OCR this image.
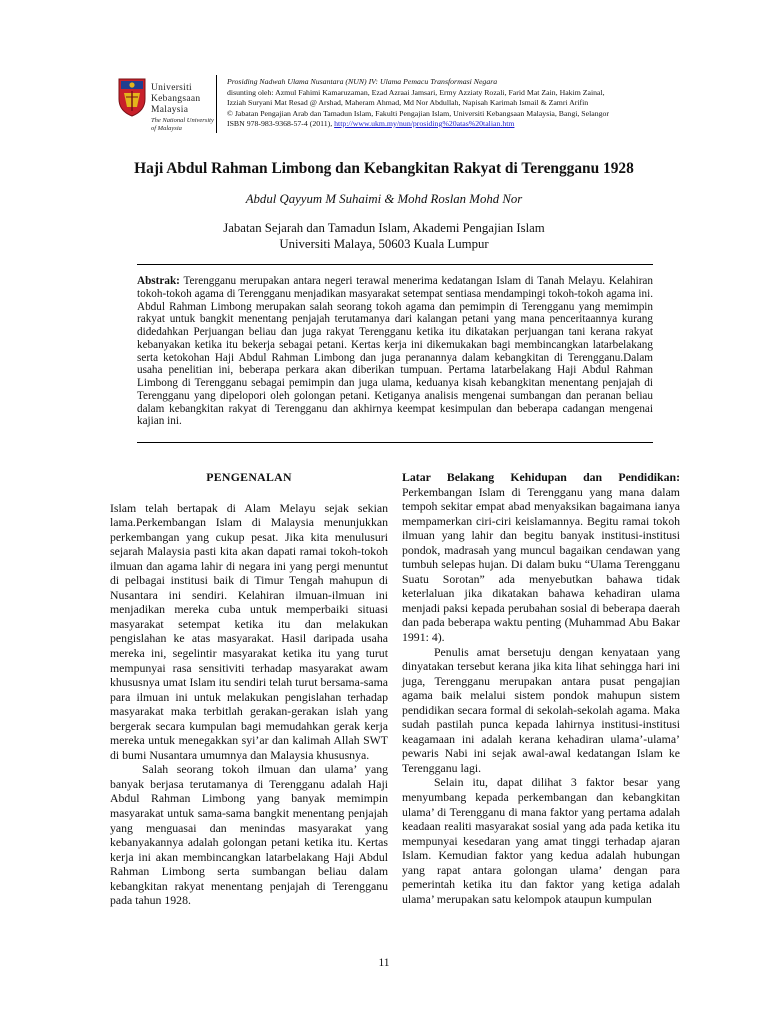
Universiti
Kebangsaan
Malaysia
The National University
of Malaysia
Prosiding Nadwah Ulama Nusantara (NUN) IV: Ulama Pemacu Transformasi Negara
disunting oleh: Azmul Fahimi Kamaruzaman, Ezad Azraai Jamsari, Ermy Azziaty Rozali, Farid Mat Zain, Hakim Zainal,
Izziah Suryani Mat Resad @ Arshad, Maheram Ahmad, Md Nor Abdullah, Napisah Karimah Ismail & Zamri Arifin
© Jabatan Pengajian Arab dan Tamadun Islam, Fakulti Pengajian Islam, Universiti Kebangsaan Malaysia, Bangi, Selangor
ISBN 978-983-9368-57-4 (2011), http://www.ukm.my/nun/prosiding%20atas%20talian.htm
Haji Abdul Rahman Limbong dan Kebangkitan Rakyat di Terengganu 1928
Abdul Qayyum M Suhaimi & Mohd Roslan Mohd Nor
Jabatan Sejarah dan Tamadun Islam, Akademi Pengajian Islam
Universiti Malaya, 50603 Kuala Lumpur
Abstrak: Terengganu merupakan antara negeri terawal menerima kedatangan Islam di Tanah Melayu. Kelahiran tokoh-tokoh agama di Terengganu menjadikan masyarakat setempat sentiasa mendampingi tokoh-tokoh agama ini. Abdul Rahman Limbong merupakan salah seorang tokoh agama dan pemimpin di Terengganu yang memimpin rakyat untuk bangkit menentang penjajah terutamanya dari kalangan petani yang mana penceritaannya kurang didedahkan Perjuangan beliau dan juga rakyat Terengganu ketika itu dikatakan perjuangan tani kerana rakyat kebanyakan ketika itu bekerja sebagai petani. Kertas kerja ini dikemukakan bagi membincangkan latarbelakang serta ketokohan Haji Abdul Rahman Limbong dan juga peranannya dalam kebangkitan di Terengganu.Dalam usaha penelitian ini, beberapa perkara akan diberikan tumpuan. Pertama latarbelakang Haji Abdul Rahman Limbong di Terengganu sebagai pemimpin dan juga ulama, keduanya kisah kebangkitan menentang penjajah di Terengganu yang dipelopori oleh golongan petani. Ketiganya analisis mengenai sumbangan dan peranan beliau dalam kebangkitan rakyat di Terengganu dan akhirnya keempat kesimpulan dan beberapa cadangan mengenai kajian ini.

PENGENALAN

Islam telah bertapak di Alam Melayu sejak sekian lama.Perkembangan Islam di Malaysia menunjukkan perkembangan yang cukup pesat. Jika kita menulusuri sejarah Malaysia pasti kita akan dapati ramai tokoh-tokoh ilmuan dan agama lahir di negara ini yang pergi menuntut di pelbagai institusi baik di Timur Tengah mahupun di Nusantara ini sendiri. Kelahiran ilmuan-ilmuan ini menjadikan mereka cuba untuk memperbaiki situasi masyarakat setempat ketika itu dan melakukan pengislahan ke atas masyarakat. Hasil daripada usaha mereka ini, segelintir masyarakat ketika itu yang turut mempunyai rasa sensitiviti terhadap masyarakat awam khususnya umat Islam itu sendiri telah turut bersama-sama para ilmuan ini untuk melakukan pengislahan terhadap masyarakat maka terbitlah gerakan-gerakan islah yang bergerak secara kumpulan bagi memudahkan gerak kerja mereka untuk menegakkan syi’ar dan kalimah Allah SWT di bumi Nusantara umumnya dan Malaysia khususnya.

Salah seorang tokoh ilmuan dan ulama’ yang banyak berjasa terutamanya di Terengganu adalah Haji Abdul Rahman Limbong yang banyak memimpin masyarakat untuk sama-sama bangkit menentang penjajah yang menguasai dan menindas masyarakat yang kebanyakannya adalah golongan petani ketika itu. Kertas kerja ini akan membincangkan latarbelakang Haji Abdul Rahman Limbong serta sumbangan beliau dalam kebangkitan rakyat menentang penjajah di Terengganu pada tahun 1928.

Latar Belakang Kehidupan dan Pendidikan: Perkembangan Islam di Terengganu yang mana dalam tempoh sekitar empat abad menyaksikan bagaimana ianya mempamerkan ciri-ciri keislamannya. Begitu ramai tokoh ilmuan yang lahir dan begitu banyak institusi-institusi pondok, madrasah yang muncul bagaikan cendawan yang tumbuh selepas hujan. Di dalam buku “Ulama Terengganu Suatu Sorotan” ada menyebutkan bahawa tidak keterlaluan jika dikatakan bahawa kehadiran ulama menjadi paksi kepada perubahan sosial di beberapa daerah dan pada beberapa waktu penting (Muhammad Abu Bakar 1991: 4).

Penulis amat bersetuju dengan kenyataan yang dinyatakan tersebut kerana jika kita lihat sehingga hari ini juga, Terengganu merupakan antara pusat pengajian agama baik melalui sistem pondok mahupun sistem pendidikan secara formal di sekolah-sekolah agama. Maka sudah pastilah punca kepada lahirnya institusi-institusi keagamaan ini adalah kerana kehadiran ulama’-ulama’ pewaris Nabi ini sejak awal-awal kedatangan Islam ke Terengganu lagi.

Selain itu, dapat dilihat 3 faktor besar yang menyumbang kepada perkembangan dan kebangkitan ulama’ di Terengganu di mana faktor yang pertama adalah keadaan realiti masyarakat sosial yang ada pada ketika itu mempunyai kesedaran yang amat tinggi terhadap ajaran Islam. Kemudian faktor yang kedua adalah hubungan yang rapat antara golongan ulama’ dengan para pemerintah ketika itu dan faktor yang ketiga adalah ulama’ merupakan satu kelompok ataupun kumpulan

11
